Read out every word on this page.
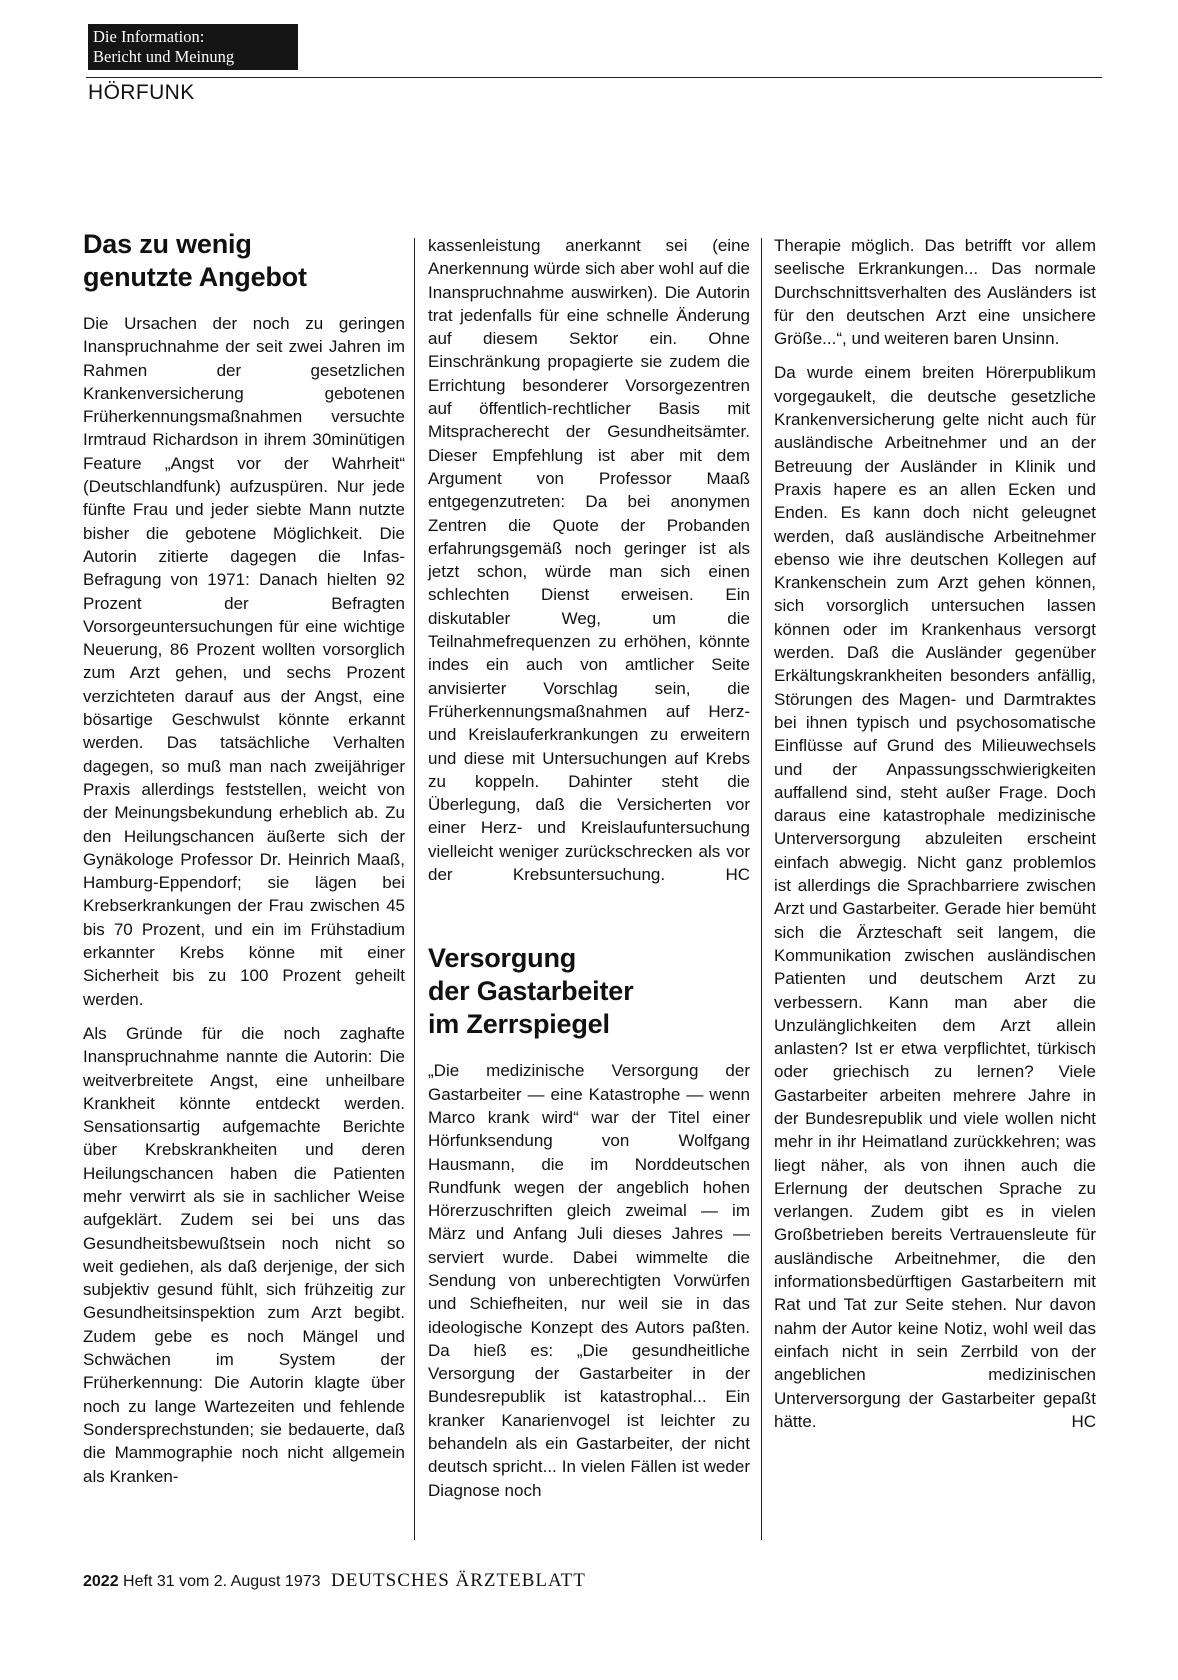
Die Information:
Bericht und Meinung
HÖRFUNK
Das zu wenig
genutzte Angebot

Die Ursachen der noch zu geringen Inanspruchnahme der seit zwei Jahren im Rahmen der gesetzlichen Krankenversicherung gebotenen Früherkennungsmaßnahmen versuchte Irmtraud Richardson in ihrem 30minütigen Feature „Angst vor der Wahrheit“ (Deutschlandfunk) aufzuspüren. Nur jede fünfte Frau und jeder siebte Mann nutzte bisher die gebotene Möglichkeit. Die Autorin zitierte dagegen die Infas-Befragung von 1971: Danach hielten 92 Prozent der Befragten Vorsorgeuntersuchungen für eine wichtige Neuerung, 86 Prozent wollten vorsorglich zum Arzt gehen, und sechs Prozent verzichteten darauf aus der Angst, eine bösartige Geschwulst könnte erkannt werden. Das tatsächliche Verhalten dagegen, so muß man nach zweijähriger Praxis allerdings feststellen, weicht von der Meinungsbekundung erheblich ab. Zu den Heilungschancen äußerte sich der Gynäkologe Professor Dr. Heinrich Maaß, Hamburg-Eppendorf; sie lägen bei Krebserkrankungen der Frau zwischen 45 bis 70 Prozent, und ein im Frühstadium erkannter Krebs könne mit einer Sicherheit bis zu 100 Prozent geheilt werden.

Als Gründe für die noch zaghafte Inanspruchnahme nannte die Autorin: Die weitverbreitete Angst, eine unheilbare Krankheit könnte entdeckt werden. Sensationsartig aufgemachte Berichte über Krebskrankheiten und deren Heilungschancen haben die Patienten mehr verwirrt als sie in sachlicher Weise aufgeklärt. Zudem sei bei uns das Gesundheitsbewußtsein noch nicht so weit gediehen, als daß derjenige, der sich subjektiv gesund fühlt, sich frühzeitig zur Gesundheitsinspektion zum Arzt begibt. Zudem gebe es noch Mängel und Schwächen im System der Früherkennung: Die Autorin klagte über noch zu lange Wartezeiten und fehlende Sondersprechstunden; sie bedauerte, daß die Mammographie noch nicht allgemein als Kranken-

kassenleistung anerkannt sei (eine Anerkennung würde sich aber wohl auf die Inanspruchnahme auswirken). Die Autorin trat jedenfalls für eine schnelle Änderung auf diesem Sektor ein. Ohne Einschränkung propagierte sie zudem die Errichtung besonderer Vorsorgezentren auf öffentlich-rechtlicher Basis mit Mitspracherecht der Gesundheitsämter. Dieser Empfehlung ist aber mit dem Argument von Professor Maaß entgegenzutreten: Da bei anonymen Zentren die Quote der Probanden erfahrungsgemäß noch geringer ist als jetzt schon, würde man sich einen schlechten Dienst erweisen. Ein diskutabler Weg, um die Teilnahmefrequenzen zu erhöhen, könnte indes ein auch von amtlicher Seite anvisierter Vorschlag sein, die Früherkennungsmaßnahmen auf Herz- und Kreislauferkrankungen zu erweitern und diese mit Untersuchungen auf Krebs zu koppeln. Dahinter steht die Überlegung, daß die Versicherten vor einer Herz- und Kreislaufuntersuchung vielleicht weniger zurückschrecken als vor der Krebsuntersuchung.	HC

Versorgung
der Gastarbeiter
im Zerrspiegel

„Die medizinische Versorgung der Gastarbeiter — eine Katastrophe — wenn Marco krank wird“ war der Titel einer Hörfunksendung von Wolfgang Hausmann, die im Norddeutschen Rundfunk wegen der angeblich hohen Hörerzuschriften gleich zweimal — im März und Anfang Juli dieses Jahres — serviert wurde. Dabei wimmelte die Sendung von unberechtigten Vorwürfen und Schiefheiten, nur weil sie in das ideologische Konzept des Autors paßten. Da hieß es: „Die gesundheitliche Versorgung der Gastarbeiter in der Bundesrepublik ist katastrophal... Ein kranker Kanarienvogel ist leichter zu behandeln als ein Gastarbeiter, der nicht deutsch spricht... In vielen Fällen ist weder Diagnose noch

Therapie möglich. Das betrifft vor allem seelische Erkrankungen... Das normale Durchschnittsverhalten des Ausländers ist für den deutschen Arzt eine unsichere Größe...“, und weiteren baren Unsinn.

Da wurde einem breiten Hörerpublikum vorgegaukelt, die deutsche gesetzliche Krankenversicherung gelte nicht auch für ausländische Arbeitnehmer und an der Betreuung der Ausländer in Klinik und Praxis hapere es an allen Ecken und Enden. Es kann doch nicht geleugnet werden, daß ausländische Arbeitnehmer ebenso wie ihre deutschen Kollegen auf Krankenschein zum Arzt gehen können, sich vorsorglich untersuchen lassen können oder im Krankenhaus versorgt werden. Daß die Ausländer gegenüber Erkältungskrankheiten besonders anfällig, Störungen des Magen- und Darmtraktes bei ihnen typisch und psychosomatische Einflüsse auf Grund des Milieuwechsels und der Anpassungsschwierigkeiten auffallend sind, steht außer Frage. Doch daraus eine katastrophale medizinische Unterversorgung abzuleiten erscheint einfach abwegig. Nicht ganz problemlos ist allerdings die Sprachbarriere zwischen Arzt und Gastarbeiter. Gerade hier bemüht sich die Ärzteschaft seit langem, die Kommunikation zwischen ausländischen Patienten und deutschem Arzt zu verbessern. Kann man aber die Unzulänglichkeiten dem Arzt allein anlasten? Ist er etwa verpflichtet, türkisch oder griechisch zu lernen? Viele Gastarbeiter arbeiten mehrere Jahre in der Bundesrepublik und viele wollen nicht mehr in ihr Heimatland zurückkehren; was liegt näher, als von ihnen auch die Erlernung der deutschen Sprache zu verlangen. Zudem gibt es in vielen Großbetrieben bereits Vertrauensleute für ausländische Arbeitnehmer, die den informationsbedürftigen Gastarbeitern mit Rat und Tat zur Seite stehen. Nur davon nahm der Autor keine Notiz, wohl weil das einfach nicht in sein Zerrbild von der angeblichen medizinischen Unterversorgung der Gastarbeiter gepaßt hätte.	HC

2022 Heft 31 vom 2. August 1973 DEUTSCHES ÄRZTEBLATT
